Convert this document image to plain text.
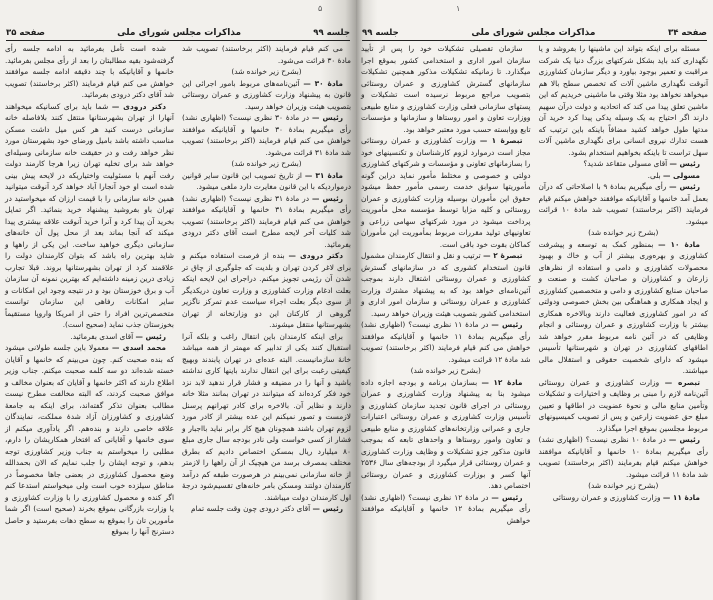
۵
صفحه ۳۵	مذاکرات مجلس شورای ملی	جلسه ۹۹

می کنم قیام فرمایند (اکثر برخاستند) تصویب شد مادهٔ ۳۰ قرائت می‌شود.

(بشرح زیر خوانده شد)

مادهٔ ۳۰ — آئین‌نامه‌های مربوط بامور اجرائی این قانون به پیشنهاد وزارت کشاورزی و عمران روستائی بتصویب هیئت وزیران خواهد رسید.

رئیس — در مادهٔ ۳۰ نظری نیست؟ (اظهاری نشد) رأی میگیریم بمادهٔ ۳۰ خانمها و آقایانیکه موافقند خواهش می کنم قیام فرمایند (اکثر برخاستند) تصویب شد مادهٔ ۳۱ قرائت می‌شود.

(بشرح زیر خوانده شد)

مادهٔ ۳۱ — از تاریخ تصویب این قانون سایر قوانین درمواردیکه با این قانون مغایرت دارد ملغی میشود.

رئیس — در مادهٔ ۳۱ نظری نیست؟ (اظهاری نشد) رأی میگیریم بمادهٔ ۳۱ خانمها و آقایانیکه موافقند خواهش می کنم قیام فرمایند (اکثر برخاستند) تصویب شد کلیات آخر لایحه مطرح است آقای دکتر درودی بفرمائید.

دکتر درودی — بنده از فرصت استفاده میکنم و برای لاغر کردن تهران و بلدیت که جلوگیری از چاق تر شدن آن رژیمی تجویز میکنم. دراجرای این لایحه اینکه بعلت ادغام وزارت کشاورزی و وزارت تعاون دریکدیگر از سوی دیگر بعلت اجراء سیاست عدم تمرکز ناگزیر گروهی از کارکنان این دو وزارتخانه از تهران بشهرستانها منتقل میشوند.

برای اینکه کارمندان باین انتقال راغب و بلکه آنرا استقبال کنند یکی از تدابیر که مهمتر از همه میباشد خانهٔ سازمانیست. البته عده‌ای در تهران پابندند وبهیچ کیفیتی رغبت برای این انتقال ندارند باینها کاری نداشته باشید و آنها را در مضیقه و فشار قرار ندهید لابد نزد خود فکر کرده‌اند که میتوانند در تهران بمانند مثلا خانه دارند و نظایر آن. بالاخره برای کادر تهرانهم پرسنل لازمست و تصور نمیکنم این عده بیشتر از کادر مورد لزوم تهران باشند همچونان هیچ کار برابر نباید بااجبار و فشار از کسی خواست ولی نادر بودجه سال جاری مبلغ ۸۰ میلیارد ریال بمسکن اختصاص دادیم که بطرق مختلف بمصرف برسد من هیچیک از آن راهها را لازمتر از خانه سازمانی نمی‌بینم در هرصورت طبقه کم درآمد کارمندان دولتند ومسکن بامر خانه‌های تقسیم‌شود درجهٔ اول کارمندان دولت میباشند.

رئیس — آقای دکتر درودی چون وقت جلسه تمام

شده است تأمل بفرمائید به ادامه جلسه رأی گرفته‌شود بقیه مطالبتان را بعد از رأی مجلس بفرمائید. خانمها و آقایانیکه با چند دقیقه ادامه جلسه موافقند خواهش می کنم قیام فرمایند (اکثر برخاستند) تصویب شد آقای دکتر درودی بفرمائید.

دکتر درودی — شما باید برای کسانیکه میخواهند آنهارا از تهران بشهرستانها منتقل کنند بلافاصله خانه سازمانی درست کنید هر کس میل داشت مسکن مناسب داشته باشد بامیل ورضای خود بشهرستان مورد نظر خواهد رفت و در حقیقت خانه سازمانی وسیله‌ای خواهد شد برای تخلیه تهران زیرا هرجا کارمند دولت رفت آنهم با مسئولیت واختیاریکه در لایحه پیش بینی شده است او خود آنجارا آباد خواهد کرد آنوقت میتوانید همین خانه سازمانی را با قیمت ارزان که میخواستید در تهران باو بفروشید پیشنهاد خرید بنمائید. اگر تمایل بخرید آن پیدا کرد و آنرا خرید آنوقت علاقه بیشتری پیدا میکند که آنجا بماند بعد از محل پول آن خانه‌های سازمانی دیگری خواهید ساخت. این یکی از راهها و شاید بهترین راه باشد که بتوان کارمندان دولت را علاقمند کرد از تهران بشهرستانها بروند. قبلا تجارب زیادی درین زمینه داشته‌ایم که بهترین نمونه آن سازمان آب و برق خوزستان بود و در نتیجه وجود این امکانات و سایر امکانات رفاهی این سازمان توانست متخصص‌ترین افراد را حتی از امریکا واروپا مستقیماً بخوزستان جذب نماید (صحیح است).

رئیس — آقای اسدی بفرمائید.

محمد اسدی — معمولا باین جلسه طولانی میشود که بنده صحبت کنم. چون می‌بینم که خانمها و آقایان خسته شده‌اند دو سه کلمه صحبت میکنم. جناب وزیر اطلاع دارند که اکثر خانمها و آقایان که بعنوان مخالف و موافق صحبت کردند، که البته مخالفت مطرح نیست مطالب بعنوان تذکر گفته‌اند، برای اینکه به جامعهٔ کشاورزی و کشاورزان آزاد شدهٔ مملکت، نمایندگان علاقه خاصی دارند و بنده‌هم. اگر یادآوری میکنم از سوی خانمها و آقایانی که افتخار همکاریشان را دارم، مطلبی را میخواستم به جناب وزیر کشاورزی توجه بدهم، و توجه ایشان را جلب نمایم که الان بحمدالله وضع محصول کشاورزی در بعضی جاها مخصوصاً در مناطق سیلزده خوب است ولی میخواستم استدعا کنم اگر کنده و محصول کشاورزی را با وزارت کشاورزی و یا وزارت بازرگانی بموقع بخرند (صحیح است) اگر شما مأمورین تان را بموقع به سطح دهات بفرستید و حاصل دسترنج آنها را بموقع

۱
جلسه ۹۹	مذاکرات مجلس شورای ملی	صفحه ۳۴

مسئله برای اینکه بتواند این ماشینها را بفروشد و یا نگهداری کند باید بشکل شرکتهای بزرگ دنیا یک شرکت مراقبت و تعمیر بوجود بیاورد و دیگر سازمان کشاورزی آنوقت نگهداری ماشین آلات که تخصص سطح بالا هم میخواهد نخواهد بود مثلا وقتی ما ماشینی خریدیم که این ماشین تعلق پیدا می کند که اتحادیه و دولت درآن سهیم دارند اگر احتیاج به یک وسیله یدکی پیدا کرد خرید آن مدتها طول خواهد کشید مضافاً باینکه باین ترتیب که هست تدارك نیروی انسانی برای نگهداری ماشین آلات سهل تراست تا باینکه بخواهیم استخدام بشود.

رئیس — آقای مسولی متقاعد شدید؟

مسولی — بلی.

رئیس — رأی میگیریم بمادهٔ ۹ با اصلاحاتی که درآن بعمل آمد خانمها و آقایانیکه موافقند خواهش میکنم قیام فرمایند (اکثر برخاستند) تصویب شد مادهٔ ۱۰ قرائت میشود.

(بشرح زیر خوانده شد)

مادهٔ ۱۰ — بمنظور کمک به توسعه و پیشرفت کشاورزی و بهره‌وری بیشتر از آب و خاك و بهبود محصولات کشاورزی و دامی و استفاده از نظرهای زارعان و کشاورزان و صاحبان کشت و صنعت و صاحبان صنایع کشاورزی و دامی و متخصصین کشاورزی و ایجاد همکاری و هماهنگی بین بخش خصوصی ودولتی که در امور کشاورزی فعالیت دارند وبالاخره همکاری بیشتر با وزارت کشاورزی و عمران روستائی و انجام وظایفی که در آئین نامه مربوط مقرر خواهد شد اطاقهای کشاورزی در تهران و شهرستانها تأسیس میشود که دارای شخصیت حقوقی و استقلال مالی میباشند.

تبصره — وزارت کشاورزی و عمران روستائی آئین‌نامه لازم را مبنی بر وظایف و اختیارات و تشکیلات وتأمین منابع مالی و نحوهٔ عضویت در اطاقها و تعیین مبلغ حق عضویت زارعین و پس از تصویب کمیسیونهای مربوط مجلسین بموقع اجرا میگذارد.

رئیس — در مادهٔ ۱۰ نظری نیست؟ (اظهاری نشد) رأی میگیریم بمادهٔ ۱۰ خانمها و آقایانیکه موافقند خواهش میکنم قیام بفرمایند (اکثر برخاستند) تصویب شد مادهٔ ۱۱ قرائت میشود.

(بشرح زیر خوانده شد)

مادهٔ ۱۱ — وزارت کشاورزی و عمران روستائی

سازمان تفصیلی تشکیلات خود را پس از تأیید سازمان امور اداری و استخدامی کشور بموقع اجرا میگذارد. تا زمانیکه تشکیلات مذکور همچنین تشکیلات سازمانهای گسترش کشاورزی و عمران روستائی بتصویب مراجع مربوط نرسیده است تشکیلات و پستهای سازمانی فعلی وزارت کشاورزی و منابع طبیعی ووزارت تعاون و امور روستاها و سازمانها و مؤسسات تابع ووابسته حسب مورد معتبر خواهد بود.

تبصرهٔ ۱ — وزارت کشاورزی و عمران روستائی مجاز است درموارد لزوم کارشناسان و تکنسینهای خود را بسازمانهای تعاونی و مؤسسات و شرکتهای کشاورزی دولتی و خصوصی و مختلط مأمور نماید دراین گونه مأموریتها سوابق خدمت رسمی مأمور حفظ میشود حقوق این مأموران بوسیله وزارت کشاورزی و عمران روستائی و کلیه مزایا توسط مؤسسه محل مأموریت پرداخت میشود در مورد شرکتهای سهامی زراعی و تعاونیهای تولید مقررات مربوط بمأموریت این مأموران کماکان بقوت خود باقی است.

تبصرهٔ ۲ — ترتیب و نقل و انتقال کارمندان مشمول قانون استخدام کشوری که در سازمانهای گسترش کشاورزی و عمران روستائی اشتغال دارند بموجب آئین‌نامه‌ای خواهد بود که به پیشنهاد مشترك وزارت کشاورزی و عمران روستائی و سازمان امور اداری و استخدامی کشور بتصویب هیئت وزیران خواهد رسید.

رئیس — در مادهٔ ۱۱ نظری نیست؟ (اظهاری نشد) رأی میگیریم بمادهٔ ۱۱ خانمها و آقایانیکه موافقند خواهش می کنم قیام فرمایند (اکثر برخاستند) تصویب شد مادهٔ ۱۲ قرائت میشود.

(بشرح زیر خوانده شد)

مادهٔ ۱۲ — بسازمان برنامه و بودجه اجازه داده میشود بنا به پیشنهاد وزارت کشاورزی و عمران روستائی در اجرای قانون تجدید سازمان کشاورزی و تأسیس وزارت کشاورزی و عمران روستائی اعتبارات جاری و عمرانی وزارتخانه‌های کشاورزی و منابع طبیعی و تعاون وامور روستاها و واحدهای تابعه که بموجب قانون مذکور جزو تشکیلات و وظایف وزارت کشاورزی و عمران روستائی قرار میگیرد از بودجه‌های سال ۲۵۳۶ آنها کسر و بوزارت کشاورزی و عمران روستائی اختصاص دهد.

رئیس — در مادهٔ ۱۲ نظری نیست؟ (اظهاری نشد) رأی میگیریم بمادهٔ ۱۲ خانمها و آقایانیکه موافقند خواهش
